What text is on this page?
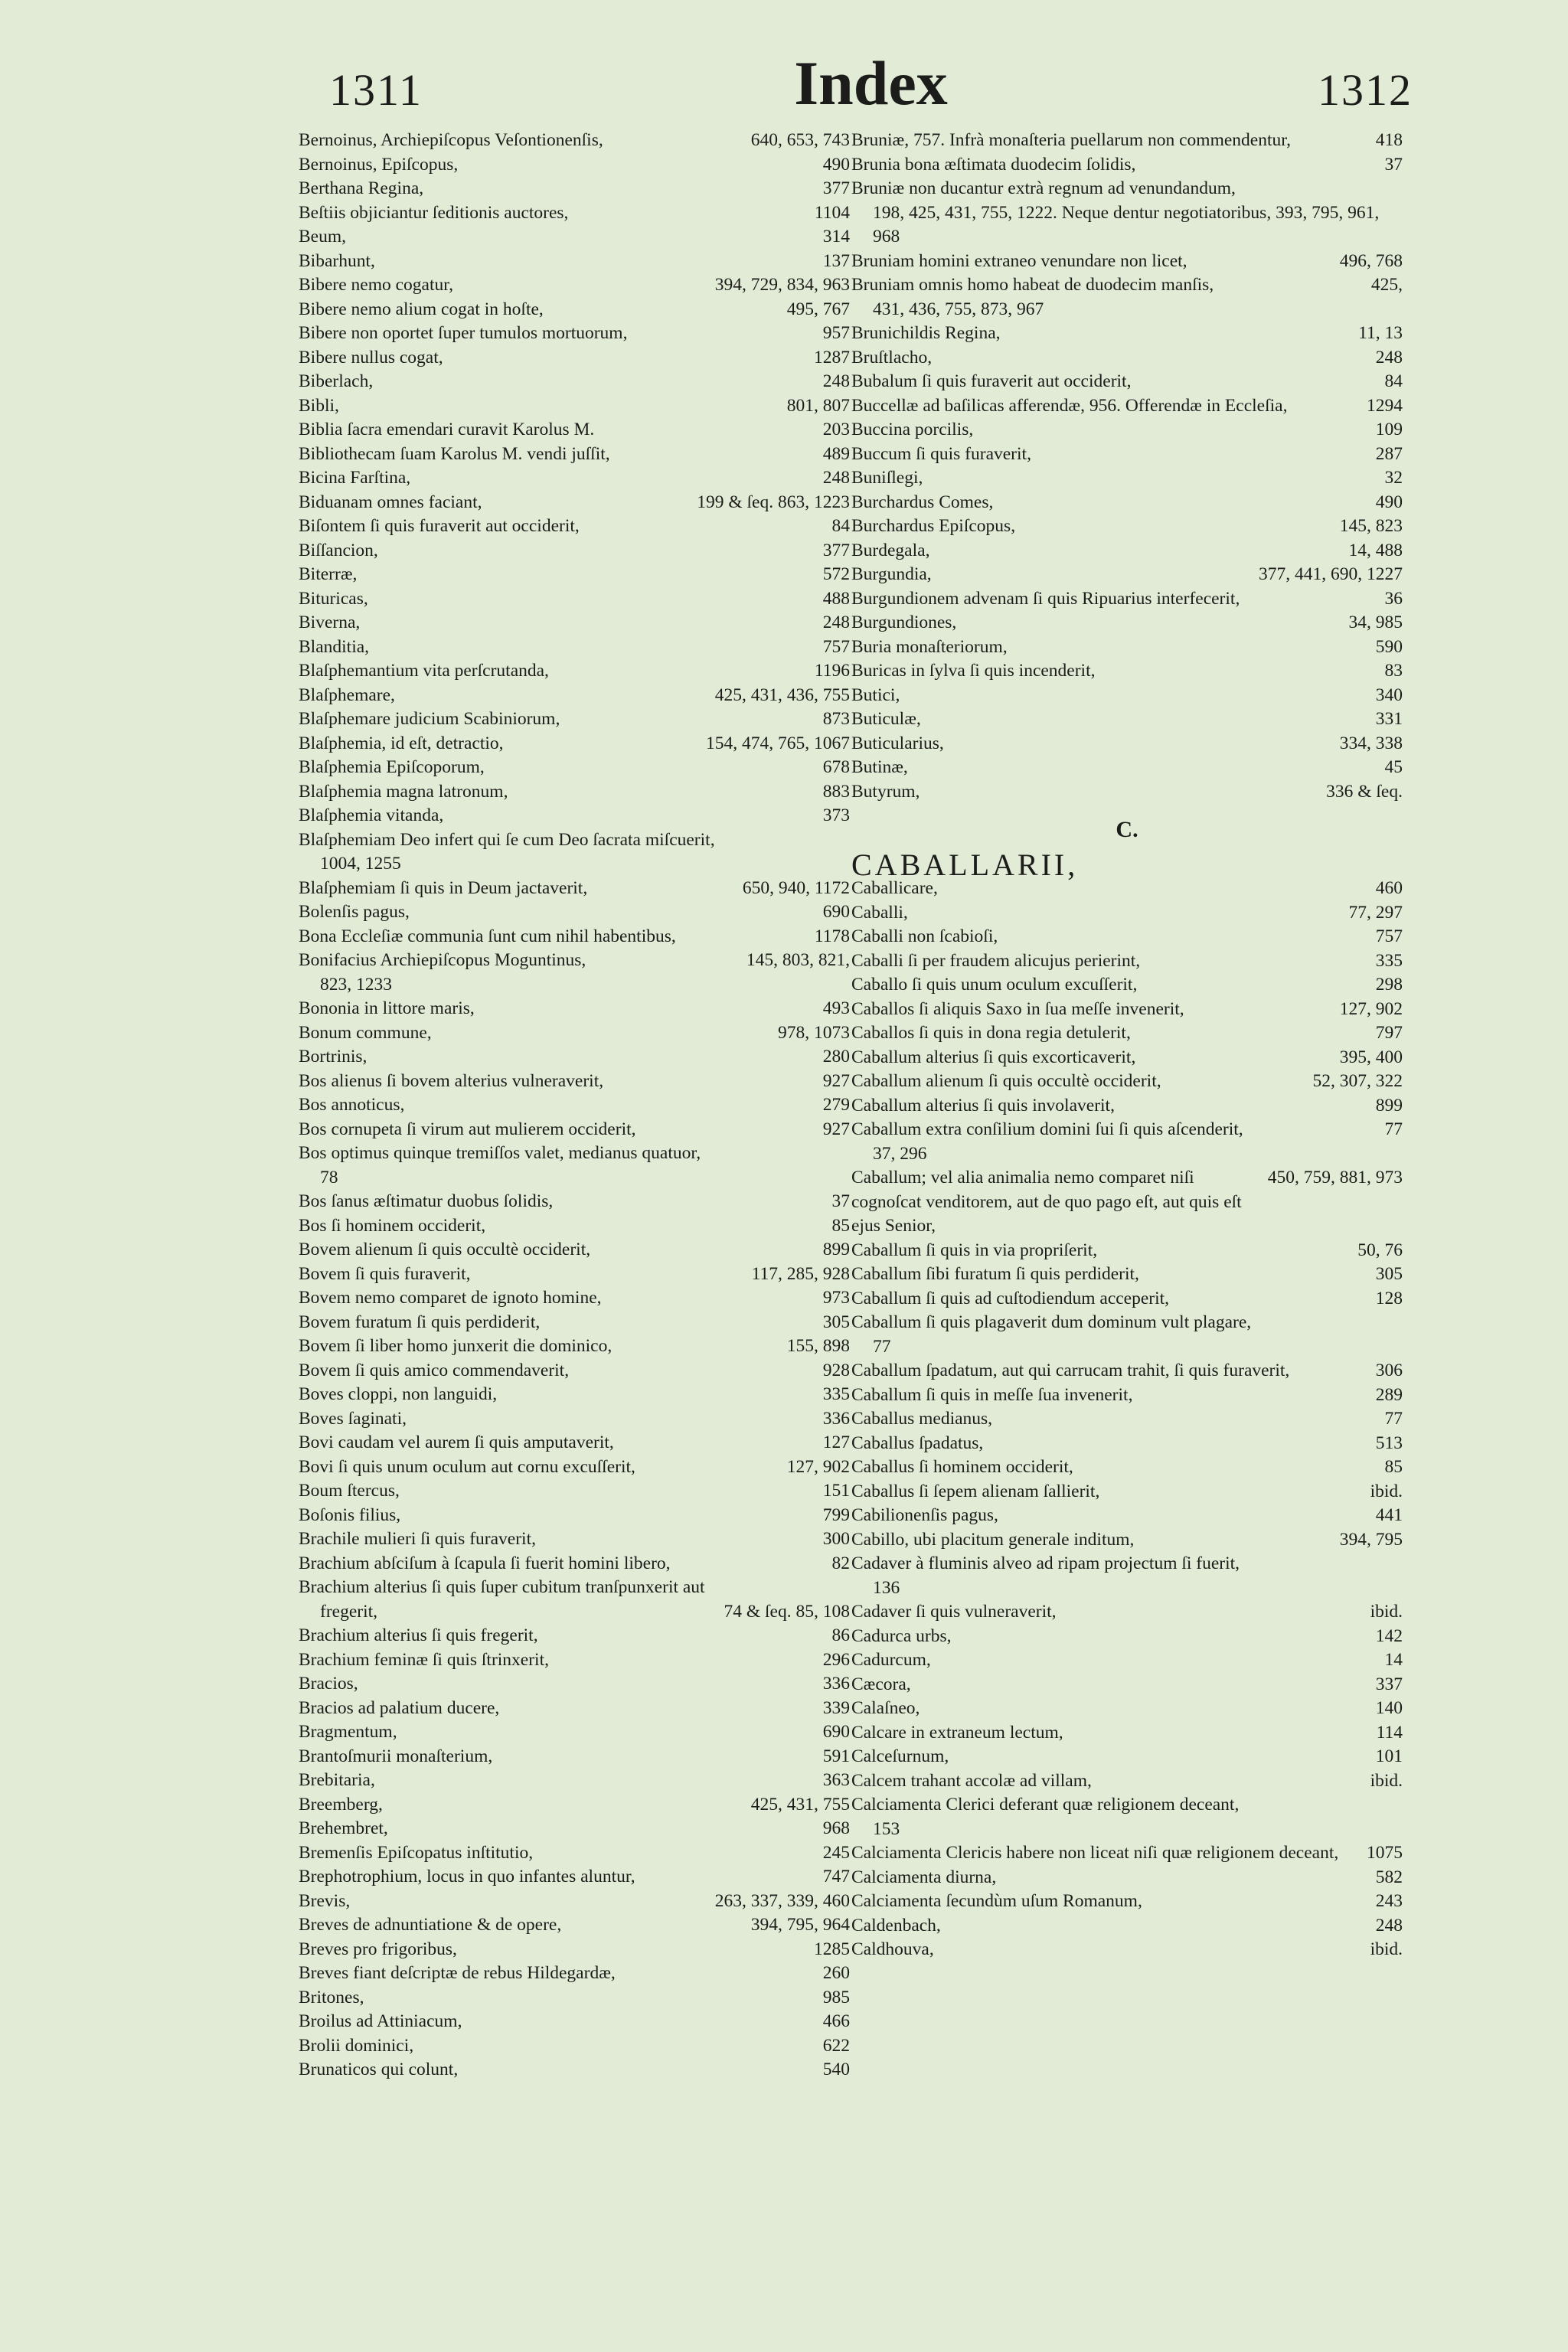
1311	Index	1312
Bernoinus, Archiepiſcopus Veſontionenſis,	640, 653, 743
Bernoinus, Epiſcopus,	490
Berthana Regina,	377
Beſtiis objiciantur ſeditionis auctores,	1104
Beum,	314
Bibarhunt,	137
Bibere nemo cogatur,	394, 729, 834, 963
Bibere nemo alium cogat in hoſte,	495, 767
Bibere non oportet ſuper tumulos mortuorum,	957
Bibere nullus cogat,	1287
Biberlach,	248
Bibli,	801, 807
Biblia ſacra emendari curavit Karolus M.	203
Bibliothecam ſuam Karolus M. vendi juſſit,	489
Bicina Farſtina,	248
Biduanam omnes faciant,	199 & ſeq. 863, 1223
Biſontem ſi quis furaverit aut occiderit,	84
Biſſancion,	377
Biterræ,	572
Bituricas,	488
Biverna,	248
Blanditia,	757
Blaſphemantium vita perſcrutanda,	1196
Blaſphemare,	425, 431, 436, 755
Blaſphemare judicium Scabiniorum,	873
Blaſphemia, id eſt, detractio,	154, 474, 765, 1067
Blaſphemia Epiſcoporum,	678
Blaſphemia magna latronum,	883
Blaſphemia vitanda,	373
Blaſphemiam Deo infert qui ſe cum Deo ſacrata miſcuerit,
1004, 1255
Blaſphemiam ſi quis in Deum jactaverit,	650, 940, 1172
Bolenſis pagus,	690
Bona Eccleſiæ communia ſunt cum nihil habentibus,	1178
Bonifacius Archiepiſcopus Moguntinus,	145, 803, 821,
823, 1233
Bononia in littore maris,	493
Bonum commune,	978, 1073
Bortrinis,	280
Bos alienus ſi bovem alterius vulneraverit,	927
Bos annoticus,	279
Bos cornupeta ſi virum aut mulierem occiderit,	927
Bos optimus quinque tremiſſos valet, medianus quatuor,
78
Bos ſanus æſtimatur duobus ſolidis,	37
Bos ſi hominem occiderit,	85
Bovem alienum ſi quis occultè occiderit,	899
Bovem ſi quis furaverit,	117, 285, 928
Bovem nemo comparet de ignoto homine,	973
Bovem furatum ſi quis perdiderit,	305
Bovem ſi liber homo junxerit die dominico,	155, 898
Bovem ſi quis amico commendaverit,	928
Boves cloppi, non languidi,	335
Boves ſaginati,	336
Bovi caudam vel aurem ſi quis amputaverit,	127
Bovi ſi quis unum oculum aut cornu excuſſerit,	127, 902
Boum ſtercus,	151
Boſonis filius,	799
Brachile mulieri ſi quis furaverit,	300
Brachium abſciſum à ſcapula ſi fuerit homini libero,	82
Brachium alterius ſi quis ſuper cubitum tranſpunxerit aut
fregerit,	74 & ſeq. 85, 108
Brachium alterius ſi quis fregerit,	86
Brachium feminæ ſi quis ſtrinxerit,	296
Bracios,	336
Bracios ad palatium ducere,	339
Bragmentum,	690
Brantoſmurii monaſterium,	591
Brebitaria,	363
Breemberg,	425, 431, 755
Brehembret,	968
Bremenſis Epiſcopatus inſtitutio,	245
Brephotrophium, locus in quo infantes aluntur,	747
Brevis,	263, 337, 339, 460
Breves de adnuntiatione & de opere,	394, 795, 964
Breves pro frigoribus,	1285
Breves fiant deſcriptæ de rebus Hildegardæ,	260
Britones,	985
Broilus ad Attiniacum,	466
Brolii dominici,	622
Brunaticos qui colunt,	540
Bruniæ, 757. Infrà monaſteria puellarum non commendentur,	418
Brunia bona æſtimata duodecim ſolidis,	37
Bruniæ non ducantur extrà regnum ad venundandum,
198, 425, 431, 755, 1222. Neque dentur negotiatoribus, 393, 795, 961, 968
Bruniam homini extraneo venundare non licet,	496, 768
Bruniam omnis homo habeat de duodecim manſis,	425,
431, 436, 755, 873, 967
Brunichildis Regina,	11, 13
Bruſtlacho,	248
Bubalum ſi quis furaverit aut occiderit,	84
Buccellæ ad baſilicas afferendæ, 956. Offerendæ in Eccleſia,	1294
Buccina porcilis,	109
Buccum ſi quis furaverit,	287
Buniſlegi,	32
Burchardus Comes,	490
Burchardus Epiſcopus,	145, 823
Burdegala,	14, 488
Burgundia,	377, 441, 690, 1227
Burgundionem advenam ſi quis Ripuarius interfecerit,	36
Burgundiones,	34, 985
Buria monaſteriorum,	590
Buricas in ſylva ſi quis incenderit,	83
Butici,	340
Buticulæ,	331
Buticularius,	334, 338
Butinæ,	45
Butyrum,	336 & ſeq.
C.
CABALLARII,
Caballicare,	460
Caballi,	77, 297
Caballi non ſcabioſi,	757
Caballi ſi per fraudem alicujus perierint,	335
Caballo ſi quis unum oculum excuſſerit,	298
Caballos ſi aliquis Saxo in ſua meſſe invenerit,	127, 902
Caballos ſi quis in dona regia detulerit,	797
Caballum alterius ſi quis excorticaverit,	395, 400
Caballum alienum ſi quis occultè occiderit,	52, 307, 322
Caballum alterius ſi quis involaverit,	899
Caballum extra conſilium domini ſui ſi quis aſcenderit,	77
37, 296
Caballum; vel alia animalia nemo comparet niſi cognoſcat venditorem, aut de quo pago eſt, aut quis eſt ejus Senior,
450, 759, 881, 973
Caballum ſi quis in via propriſerit,	50, 76
Caballum ſibi furatum ſi quis perdiderit,	305
Caballum ſi quis ad cuſtodiendum acceperit,	128
Caballum ſi quis plagaverit dum dominum vult plagare,
77
Caballum ſpadatum, aut qui carrucam trahit, ſi quis furaverit,	306
Caballum ſi quis in meſſe ſua invenerit,	289
Caballus medianus,	77
Caballus ſpadatus,	513
Caballus ſi hominem occiderit,	85
Caballus ſi ſepem alienam ſallierit,	ibid.
Cabilionenſis pagus,	441
Cabillo, ubi placitum generale inditum,	394, 795
Cadaver à fluminis alveo ad ripam projectum ſi fuerit,
136
Cadaver ſi quis vulneraverit,	ibid.
Cadurca urbs,	142
Cadurcum,	14
Cæcora,	337
Calaſneo,	140
Calcare in extraneum lectum,	114
Calceſurnum,	101
Calcem trahant accolæ ad villam,	ibid.
Calciamenta Clerici deferant quæ religionem deceant,
153
Calciamenta Clericis habere non liceat niſi quæ religionem deceant,	1075
Calciamenta diurna,	582
Calciamenta ſecundùm uſum Romanum,	243
Caldenbach,	248
Caldhouva,	ibid.
